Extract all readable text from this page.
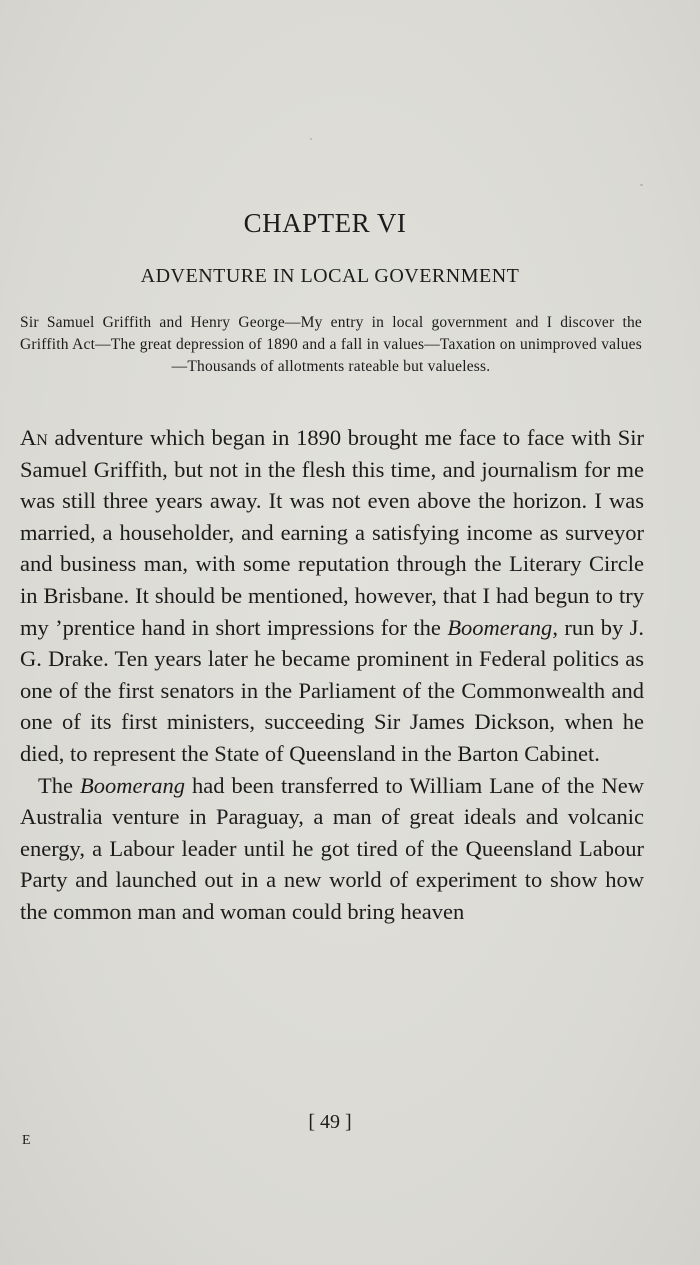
CHAPTER VI
ADVENTURE IN LOCAL GOVERNMENT
Sir Samuel Griffith and Henry George—My entry in local government and I discover the Griffith Act—The great depression of 1890 and a fall in values—Taxation on unimproved values—Thousands of allotments rateable but valueless.

An adventure which began in 1890 brought me face to face with Sir Samuel Griffith, but not in the flesh this time, and journalism for me was still three years away. It was not even above the horizon. I was married, a householder, and earning a satisfying income as surveyor and business man, with some reputation through the Literary Circle in Brisbane. It should be mentioned, however, that I had begun to try my ’prentice hand in short impressions for the Boomerang, run by J. G. Drake. Ten years later he became prominent in Federal politics as one of the first senators in the Parliament of the Commonwealth and one of its first ministers, succeeding Sir James Dickson, when he died, to represent the State of Queensland in the Barton Cabinet.

The Boomerang had been transferred to William Lane of the New Australia venture in Paraguay, a man of great ideals and volcanic energy, a Labour leader until he got tired of the Queensland Labour Party and launched out in a new world of experiment to show how the common man and woman could bring heaven

[ 49 ]
E
